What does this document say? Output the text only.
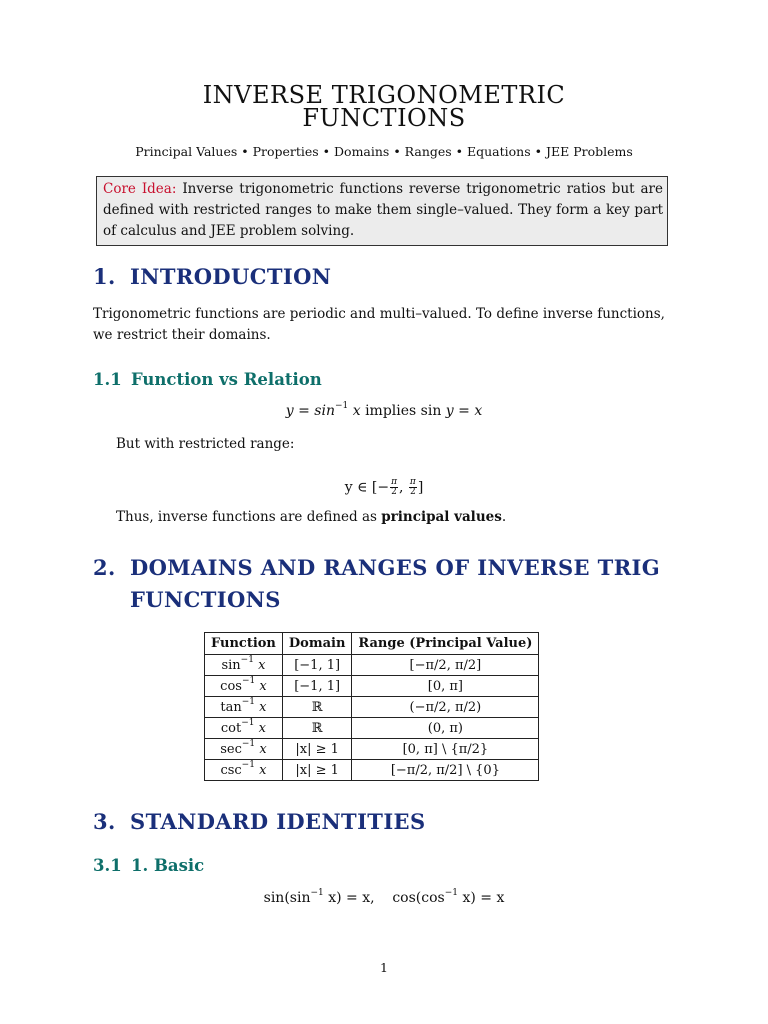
INVERSE TRIGONOMETRIC
FUNCTIONS
Principal Values • Properties • Domains • Ranges • Equations • JEE Problems
Core Idea: Inverse trigonometric functions reverse trigonometric ratios but are defined with restricted ranges to make them single–valued. They form a key part of calculus and JEE problem solving.
1. INTRODUCTION

Trigonometric functions are periodic and multi–valued. To define inverse functions, we restrict their domains.

1.1 Function vs Relation

$y = \sin^{-1} x$ implies sin y = x

But with restricted range:

y ∈ [− $\frac{\pi}{2}$ , $\frac{\pi}{2}$ ]

Thus, inverse functions are defined as principal values.

2. DOMAINS AND RANGES OF INVERSE TRIG FUNCTIONS
Function	Domain	Range (Principal Value)
$\sin^{-1} x$	[−1, 1]	[−π/2, π/2]
$\cos^{-1} x$	[−1, 1]	[0, π]
$\tan^{-1} x$	ℝ	(−π/2, π/2)
$\cot^{-1} x$	ℝ	(0, π)
$\sec^{-1} x$	|x| ≥ 1	[0, π] \ {π/2}
$\csc^{-1} x$	|x| ≥ 1	[−π/2, π/2] \ {0}
3. STANDARD IDENTITIES
3.1 1. Basic

$\sin(\sin^{-1}$ x) = x,    $\cos(\cos^{-1}$ x) = x

1
